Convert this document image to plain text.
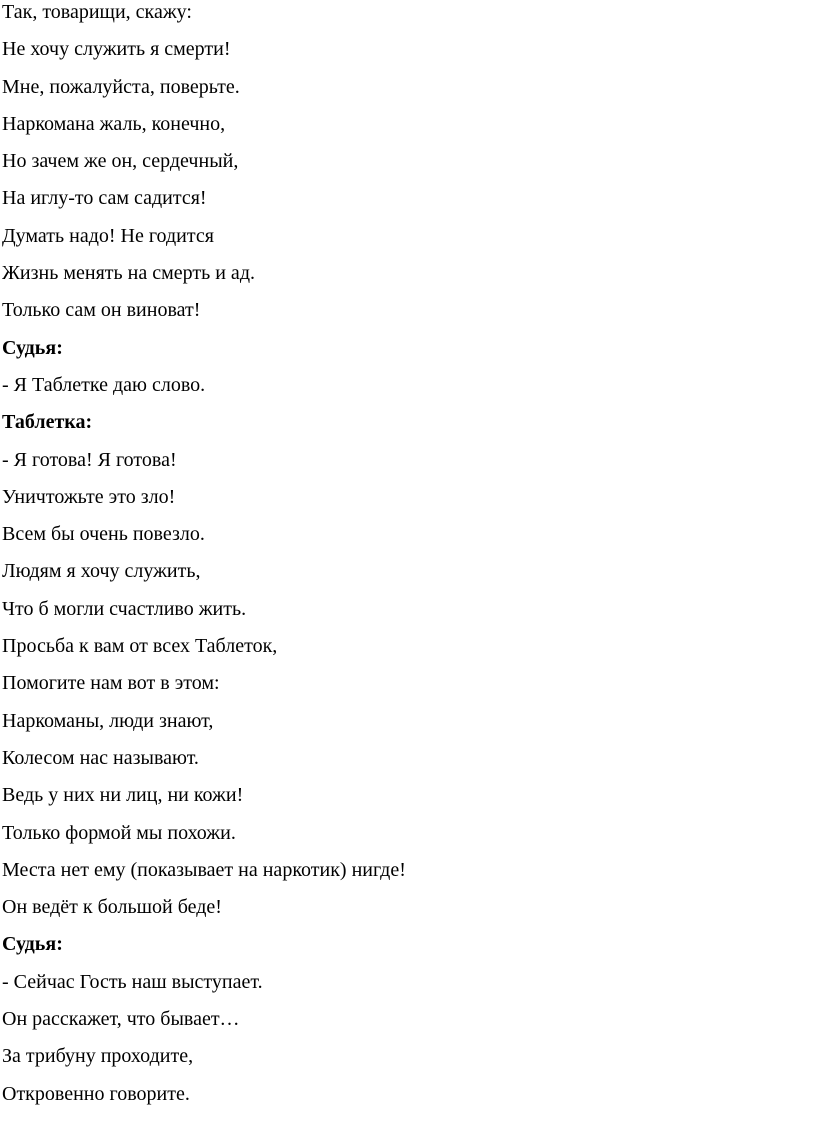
Так, товарищи, скажу:
Не хочу служить я смерти!
Мне, пожалуйста, поверьте.
Наркомана жаль, конечно,
Но зачем же он, сердечный,
На иглу-то сам садится!
Думать надо! Не годится
Жизнь менять на смерть и ад.
Только сам он виноват!
Судья:
- Я Таблетке даю слово.
Таблетка:
- Я готова! Я готова!
Уничтожьте это зло!
Всем бы очень повезло.
Людям я хочу служить,
Что б могли счастливо жить.
Просьба к вам от всех Таблеток,
Помогите нам вот в этом:
Наркоманы, люди знают,
Колесом нас называют.
Ведь у них ни лиц, ни кожи!
Только формой мы похожи.
Места нет ему (показывает на наркотик) нигде!
Он ведёт к большой беде!
Судья:
- Сейчас Гость наш выступает.
Он расскажет, что бывает…
За трибуну проходите,
Откровенно говорите.
